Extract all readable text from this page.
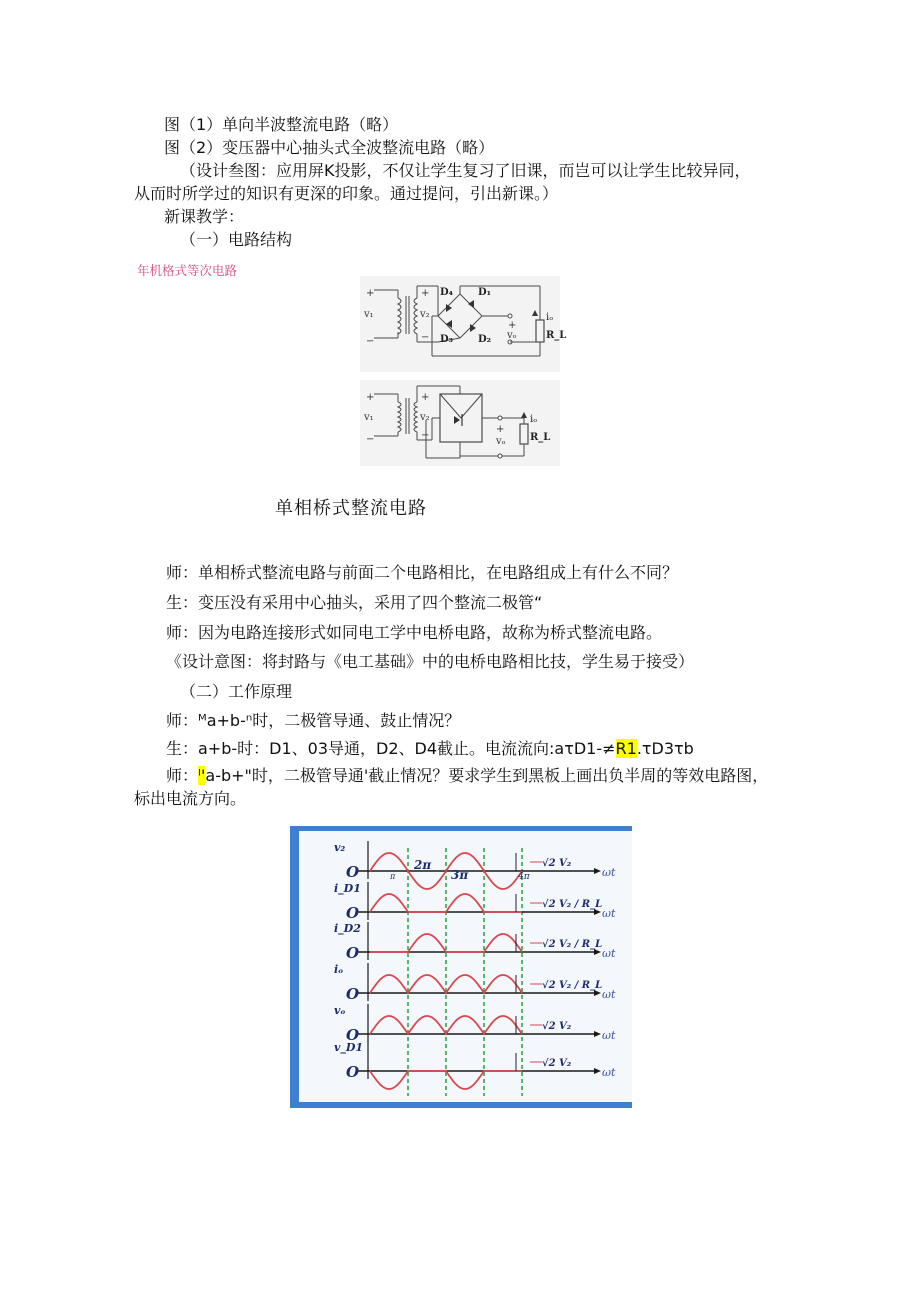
图（1）单向半波整流电路（略）
图（2）变压器中心抽头式全波整流电路（略）
（设计叁图：应用屏K投影，不仅让学生复习了旧课，而岂可以让学生比较异同，
从而时所学过的知识有更深的印象。通过提问，引出新课。）
新课教学：
（一）电路结构
年机格式等次电路
+
v₁
−
+
v₂
−
D₄ D₁
D₃ D₂
+
vₒ
iₒ
R_L
+
v₁
−
+
v₂
−
+
vₒ
iₒ
R_L
单相桥式整流电路
师：单相桥式整流电路与前面二个电路相比，在电路组成上有什么不同？
生：变压没有采用中心抽头，采用了四个整流二极管“
师：因为电路连接形式如同电工学中电桥电路，故称为桥式整流电路。
《设计意图：将封路与《电工基础》中的电桥电路相比技，学生易于接受）
（二）工作原理
师：ᴹa+b-ⁿ时，二极管导通、鼓止情况？
生：a+b-时：D1、03导通，D2、D4截止。电流流向:aτD1-≠R1.τD3τb
师：ᴵ'a-b+"时，二极管导通'截止情况？要求学生到黑板上画出负半周的等效电路图，
标出电流方向。
v₂
O	ωt
√2 V₂
i_D1
O	ωt
√2 V₂ / R_L
i_D2
O	ωt
√2 V₂ / R_L
iₒ
O	ωt
√2 V₂ / R_L
vₒ
O	ωt
√2 V₂
v_D1
O	ωt
√2 V₂
π
2π
3π	4π
